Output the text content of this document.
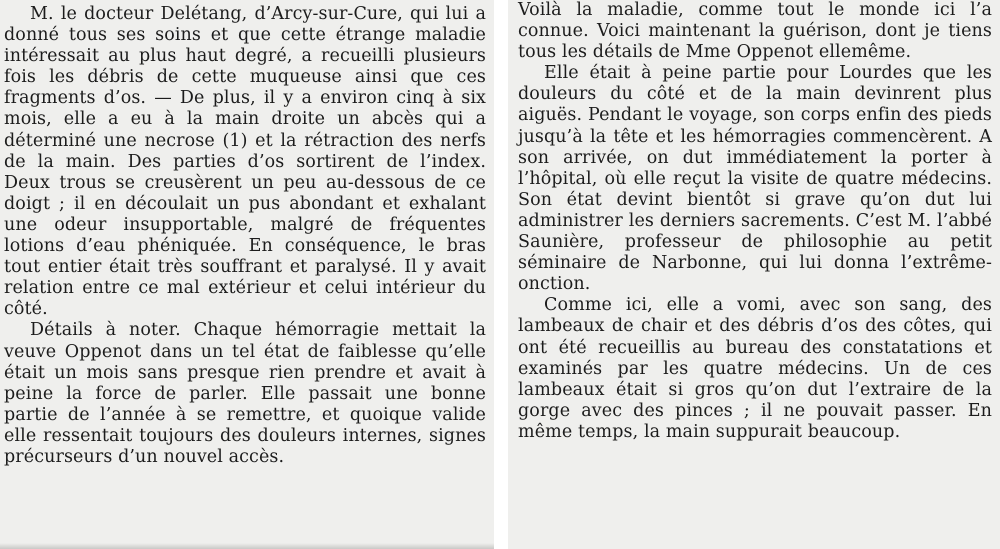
M. le docteur Delétang, d’Arcy-sur-Cure, qui lui a donné tous ses soins et que cette étrange maladie intéressait au plus haut degré, a recueilli plusieurs fois les débris de cette muqueuse ainsi que ces fragments d’os. — De plus, il y a environ cinq à six mois, elle a eu à la main droite un abcès qui a déterminé une necrose (1) et la rétraction des nerfs de la main. Des parties d’os sortirent de l’index. Deux trous se creusèrent un peu au-dessous de ce doigt ; il en découlait un pus abondant et exhalant une odeur insupportable, malgré de fréquentes lotions d’eau phéniquée. En conséquence, le bras tout entier était très souffrant et paralysé. Il y avait relation entre ce mal extérieur et celui intérieur du côté.

Détails à noter. Chaque hémorragie mettait la veuve Oppenot dans un tel état de faiblesse qu’elle était un mois sans presque rien prendre et avait à peine la force de parler. Elle passait une bonne partie de l’année à se remettre, et quoique valide elle ressentait toujours des douleurs internes, signes précurseurs d’un nouvel accès.

Voilà la maladie, comme tout le monde ici l’a connue. Voici maintenant la guérison, dont je tiens tous les détails de Mme Oppenot ellemême.

Elle était à peine partie pour Lourdes que les douleurs du côté et de la main devinrent plus aiguës. Pendant le voyage, son corps enfin des pieds jusqu’à la tête et les hémorragies commencèrent. A son arrivée, on dut immédiatement la porter à l’hôpital, où elle reçut la visite de quatre médecins. Son état devint bientôt si grave qu’on dut lui administrer les derniers sacrements. C’est M. l’abbé Saunière, professeur de philosophie au petit séminaire de Narbonne, qui lui donna l’extrême-onction.

Comme ici, elle a vomi, avec son sang, des lambeaux de chair et des débris d’os des côtes, qui ont été recueillis au bureau des constatations et examinés par les quatre médecins. Un de ces lambeaux était si gros qu’on dut l’extraire de la gorge avec des pinces ; il ne pouvait passer. En même temps, la main suppurait beaucoup.
